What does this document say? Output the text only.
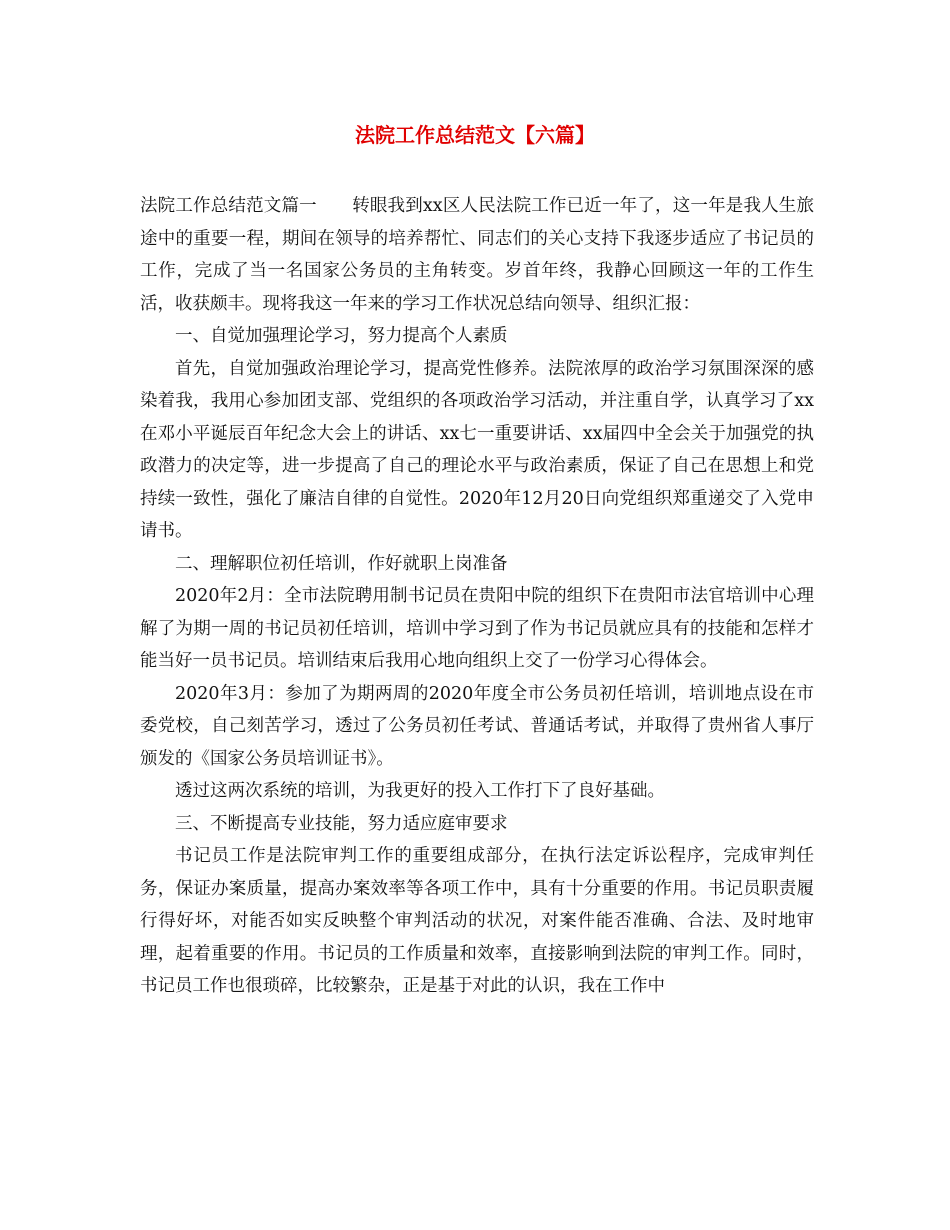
法院工作总结范文【六篇】

法院工作总结范文篇一　　转眼我到xx区人民法院工作已近一年了，这一年是我人生旅途中的重要一程，期间在领导的培养帮忙、同志们的关心支持下我逐步适应了书记员的工作，完成了当一名国家公务员的主角转变。岁首年终，我静心回顾这一年的工作生活，收获颇丰。现将我这一年来的学习工作状况总结向领导、组织汇报：

一、自觉加强理论学习，努力提高个人素质

首先，自觉加强政治理论学习，提高党性修养。法院浓厚的政治学习氛围深深的感染着我，我用心参加团支部、党组织的各项政治学习活动，并注重自学，认真学习了xx在邓小平诞辰百年纪念大会上的讲话、xx七一重要讲话、xx届四中全会关于加强党的执政潜力的决定等，进一步提高了自己的理论水平与政治素质，保证了自己在思想上和党持续一致性，强化了廉洁自律的自觉性。2020年12月20日向党组织郑重递交了入党申请书。

二、理解职位初任培训，作好就职上岗准备

2020年2月：全市法院聘用制书记员在贵阳中院的组织下在贵阳市法官培训中心理解了为期一周的书记员初任培训，培训中学习到了作为书记员就应具有的技能和怎样才能当好一员书记员。培训结束后我用心地向组织上交了一份学习心得体会。

2020年3月：参加了为期两周的2020年度全市公务员初任培训，培训地点设在市委党校，自己刻苦学习，透过了公务员初任考试、普通话考试，并取得了贵州省人事厅颁发的《国家公务员培训证书》。

透过这两次系统的培训，为我更好的投入工作打下了良好基础。

三、不断提高专业技能，努力适应庭审要求

书记员工作是法院审判工作的重要组成部分，在执行法定诉讼程序，完成审判任务，保证办案质量，提高办案效率等各项工作中，具有十分重要的作用。书记员职责履行得好坏，对能否如实反映整个审判活动的状况，对案件能否准确、合法、及时地审理，起着重要的作用。书记员的工作质量和效率，直接影响到法院的审判工作。同时，书记员工作也很琐碎，比较繁杂，正是基于对此的认识，我在工作中
